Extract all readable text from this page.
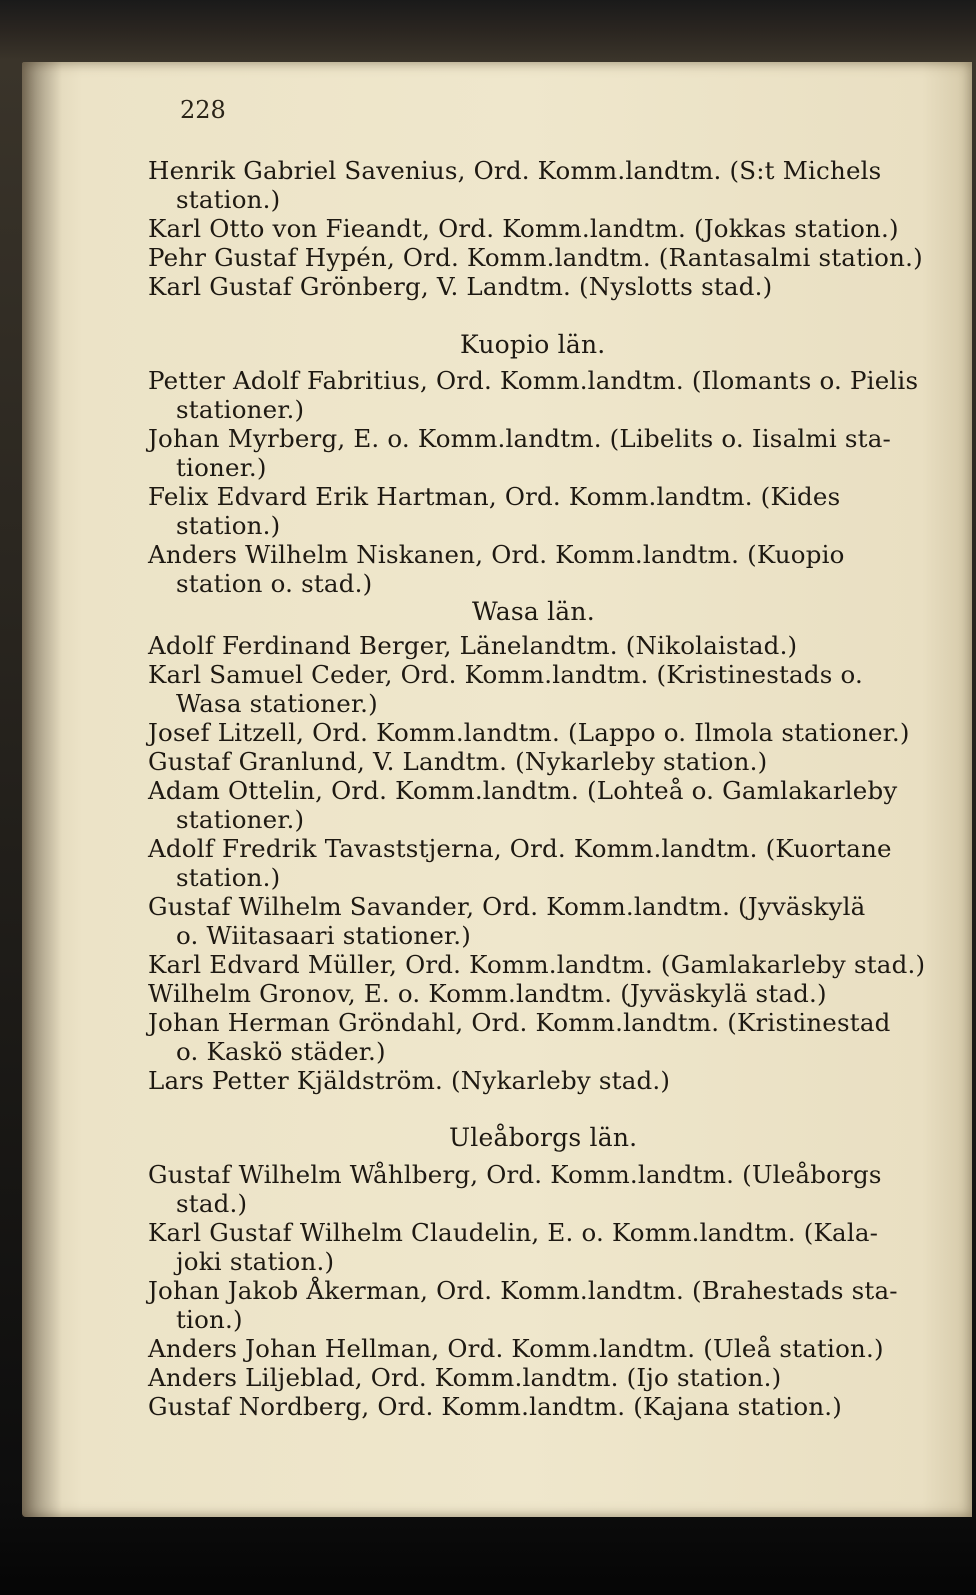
228
Henrik Gabriel Savenius, Ord. Komm.landtm. (S:t Michels
station.)
Karl Otto von Fieandt, Ord. Komm.landtm. (Jokkas station.)
Pehr Gustaf Hypén, Ord. Komm.landtm. (Rantasalmi station.)
Karl Gustaf Grönberg, V. Landtm. (Nyslotts stad.)
Kuopio län.
Petter Adolf Fabritius, Ord. Komm.landtm. (Ilomants o. Pielis
stationer.)
Johan Myrberg, E. o. Komm.landtm. (Libelits o. Iisalmi sta-
tioner.)
Felix Edvard Erik Hartman, Ord. Komm.landtm. (Kides
station.)
Anders Wilhelm Niskanen, Ord. Komm.landtm. (Kuopio
station o. stad.)
Wasa län.
Adolf Ferdinand Berger, Länelandtm. (Nikolaistad.)
Karl Samuel Ceder, Ord. Komm.landtm. (Kristinestads o.
Wasa stationer.)
Josef Litzell, Ord. Komm.landtm. (Lappo o. Ilmola stationer.)
Gustaf Granlund, V. Landtm. (Nykarleby station.)
Adam Ottelin, Ord. Komm.landtm. (Lohteå o. Gamlakarleby
stationer.)
Adolf Fredrik Tavaststjerna, Ord. Komm.landtm. (Kuortane
station.)
Gustaf Wilhelm Savander, Ord. Komm.landtm. (Jyväskylä
o. Wiitasaari stationer.)
Karl Edvard Müller, Ord. Komm.landtm. (Gamlakarleby stad.)
Wilhelm Gronov, E. o. Komm.landtm. (Jyväskylä stad.)
Johan Herman Gröndahl, Ord. Komm.landtm. (Kristinestad
o. Kaskö städer.)
Lars Petter Kjäldström. (Nykarleby stad.)
Uleåborgs län.
Gustaf Wilhelm Wåhlberg, Ord. Komm.landtm. (Uleåborgs
stad.)
Karl Gustaf Wilhelm Claudelin, E. o. Komm.landtm. (Kala-
joki station.)
Johan Jakob Åkerman, Ord. Komm.landtm. (Brahestads sta-
tion.)
Anders Johan Hellman, Ord. Komm.landtm. (Uleå station.)
Anders Liljeblad, Ord. Komm.landtm. (Ijo station.)
Gustaf Nordberg, Ord. Komm.landtm. (Kajana station.)
